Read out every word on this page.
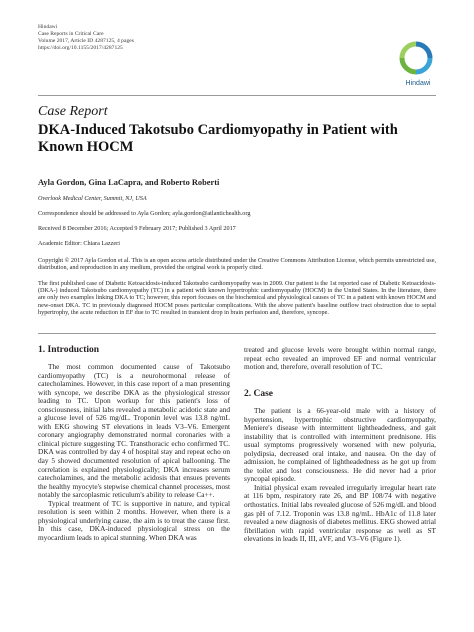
Hindawi
Case Reports in Critical Care
Volume 2017, Article ID 4287125, 4 pages
https://doi.org/10.1155/2017/4287125
Hindawi
Case Report
DKA-Induced Takotsubo Cardiomyopathy in Patient with Known HOCM
Ayla Gordon, Gina LaCapra, and Roberto Roberti
Overlook Medical Center, Summit, NJ, USA
Correspondence should be addressed to Ayla Gordon; ayla.gordon@atlantichealth.org
Received 8 December 2016; Accepted 9 February 2017; Published 3 April 2017
Academic Editor: Chiara Lazzeri
Copyright © 2017 Ayla Gordon et al. This is an open access article distributed under the Creative Commons Attribution License, which permits unrestricted use, distribution, and reproduction in any medium, provided the original work is properly cited.
The first published case of Diabetic Ketoacidosis-induced Takotsubo cardiomyopathy was in 2009. Our patient is the 1st reported case of Diabetic Ketoacidosis- (DKA-) induced Takotsubo cardiomyopathy (TC) in a patient with known hypertrophic cardiomyopathy (HOCM) in the United States. In the literature, there are only two examples linking DKA to TC; however, this report focuses on the biochemical and physiological causes of TC in a patient with known HOCM and new-onset DKA. TC in previously diagnosed HOCM poses particular complications. With the above patient's baseline outflow tract obstruction due to septal hypertrophy, the acute reduction in EF due to TC resulted in transient drop in brain perfusion and, therefore, syncope.
1. Introduction

The most common documented cause of Takotsubo cardiomyopathy (TC) is a neurohormonal release of catecholamines. However, in this case report of a man presenting with syncope, we describe DKA as the physiological stressor leading to TC. Upon workup for this patient's loss of consciousness, initial labs revealed a metabolic acidotic state and a glucose level of 526 mg/dL. Troponin level was 13.8 ng/mL with EKG showing ST elevations in leads V3–V6. Emergent coronary angiography demonstrated normal coronaries with a clinical picture suggesting TC. Transthoracic echo confirmed TC. DKA was controlled by day 4 of hospital stay and repeat echo on day 5 showed documented resolution of apical ballooning. The correlation is explained physiologically; DKA increases serum catecholamines, and the metabolic acidosis that ensues prevents the healthy myocyte's stepwise chemical channel processes, most notably the sarcoplasmic reticulum's ability to release Ca++.

Typical treatment of TC is supportive in nature, and typical resolution is seen within 2 months. However, when there is a physiological underlying cause, the aim is to treat the cause first. In this case, DKA-induced physiological stress on the myocardium leads to apical stunning. When DKA was

treated and glucose levels were brought within normal range, repeat echo revealed an improved EF and normal ventricular motion and, therefore, overall resolution of TC.

2. Case

The patient is a 66-year-old male with a history of hypertension, hypertrophic obstructive cardiomyopathy, Meniere's disease with intermittent lightheadedness, and gait instability that is controlled with intermittent prednisone. His usual symptoms progressively worsened with new polyuria, polydipsia, decreased oral intake, and nausea. On the day of admission, he complained of lightheadedness as he got up from the toilet and lost consciousness. He did never had a prior syncopal episode.

Initial physical exam revealed irregularly irregular heart rate at 116 bpm, respiratory rate 26, and BP 108/74 with negative orthostatics. Initial labs revealed glucose of 526 mg/dL and blood gas pH of 7.12. Troponin was 13.8 ng/mL. HbA1c of 11.8 later revealed a new diagnosis of diabetes mellitus. EKG showed atrial fibrillation with rapid ventricular response as well as ST elevations in leads II, III, aVF, and V3–V6 (Figure 1).
